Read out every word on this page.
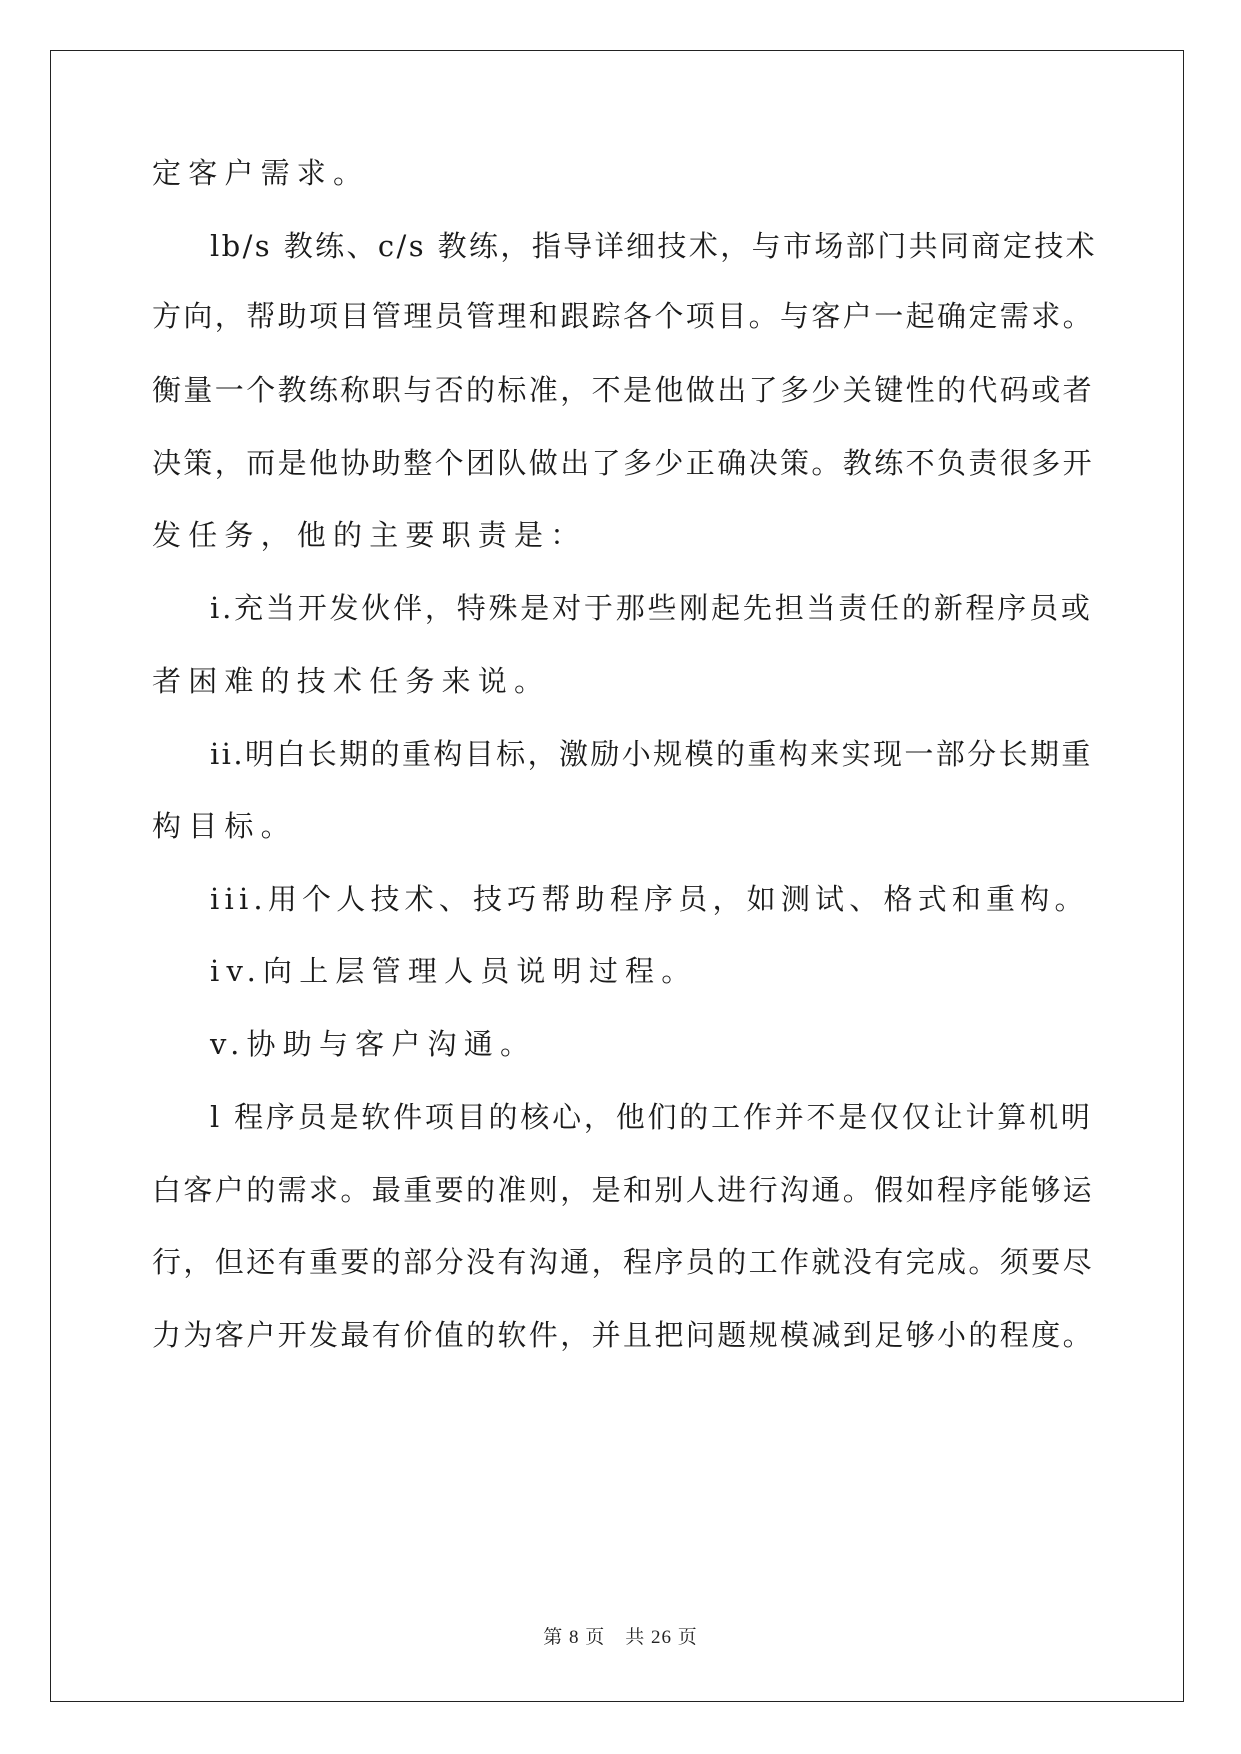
定客户需求。
lb/s 教练、c/s 教练，指导详细技术，与市场部门共同商定技术
方向，帮助项目管理员管理和跟踪各个项目。与客户一起确定需求。
衡量一个教练称职与否的标准，不是他做出了多少关键性的代码或者
决策，而是他协助整个团队做出了多少正确决策。教练不负责很多开
发任务，他的主要职责是：
i.充当开发伙伴，特殊是对于那些刚起先担当责任的新程序员或
者困难的技术任务来说。
ii.明白长期的重构目标，激励小规模的重构来实现一部分长期重
构目标。
iii.用个人技术、技巧帮助程序员，如测试、格式和重构。
iv.向上层管理人员说明过程。
v.协助与客户沟通。
l 程序员是软件项目的核心，他们的工作并不是仅仅让计算机明
白客户的需求。最重要的准则，是和别人进行沟通。假如程序能够运
行，但还有重要的部分没有沟通，程序员的工作就没有完成。须要尽
力为客户开发最有价值的软件，并且把问题规模减到足够小的程度。
第 8 页　共 26 页
